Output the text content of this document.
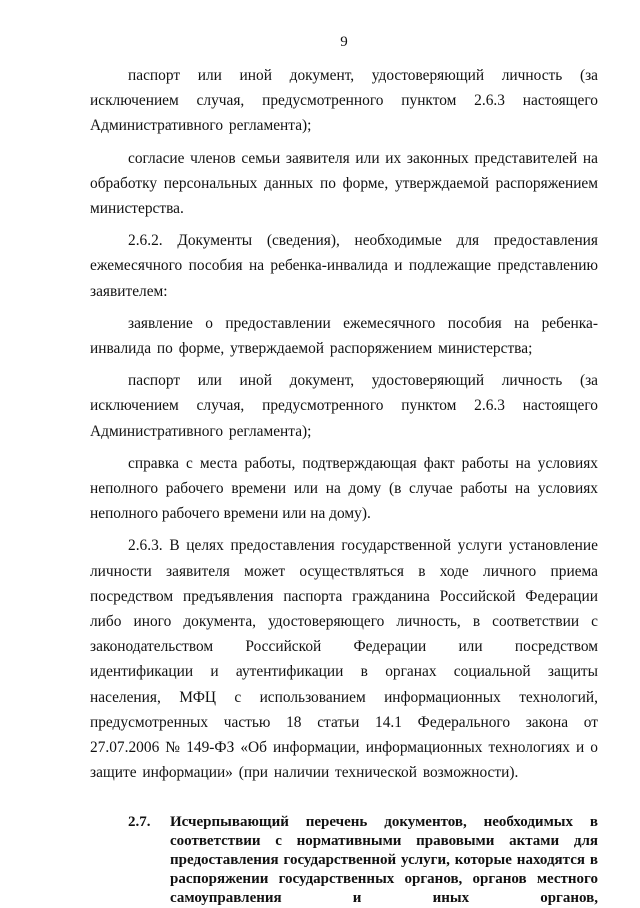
9

паспорт или иной документ, удостоверяющий личность (за исключением случая, предусмотренного пунктом 2.6.3 настоящего Административного регламента);

согласие членов семьи заявителя или их законных представителей на обработку персональных данных по форме, утверждаемой распоряжением министерства.

2.6.2. Документы (сведения), необходимые для предоставления ежемесячного пособия на ребенка-инвалида и подлежащие представлению заявителем:

заявление о предоставлении ежемесячного пособия на ребенка-инвалида по форме, утверждаемой распоряжением министерства;

паспорт или иной документ, удостоверяющий личность (за исключением случая, предусмотренного пунктом 2.6.3 настоящего Административного регламента);

справка с места работы, подтверждающая факт работы на условиях неполного рабочего времени или на дому (в случае работы на условиях неполного рабочего времени или на дому).

2.6.3. В целях предоставления государственной услуги установление личности заявителя может осуществляться в ходе личного приема посредством предъявления паспорта гражданина Российской Федерации либо иного документа, удостоверяющего личность, в соответствии с законодательством Российской Федерации или посредством идентификации и аутентификации в органах социальной защиты населения, МФЦ с использованием информационных технологий, предусмотренных частью 18 статьи 14.1 Федерального закона от 27.07.2006 № 149-ФЗ «Об информации, информационных технологиях и о защите информации» (при наличии технической возможности).

2.7.	Исчерпывающий перечень документов, необходимых в соответствии с нормативными правовыми актами для предоставления государственной услуги, которые находятся в распоряжении государственных органов, органов местного самоуправления и иных органов,
